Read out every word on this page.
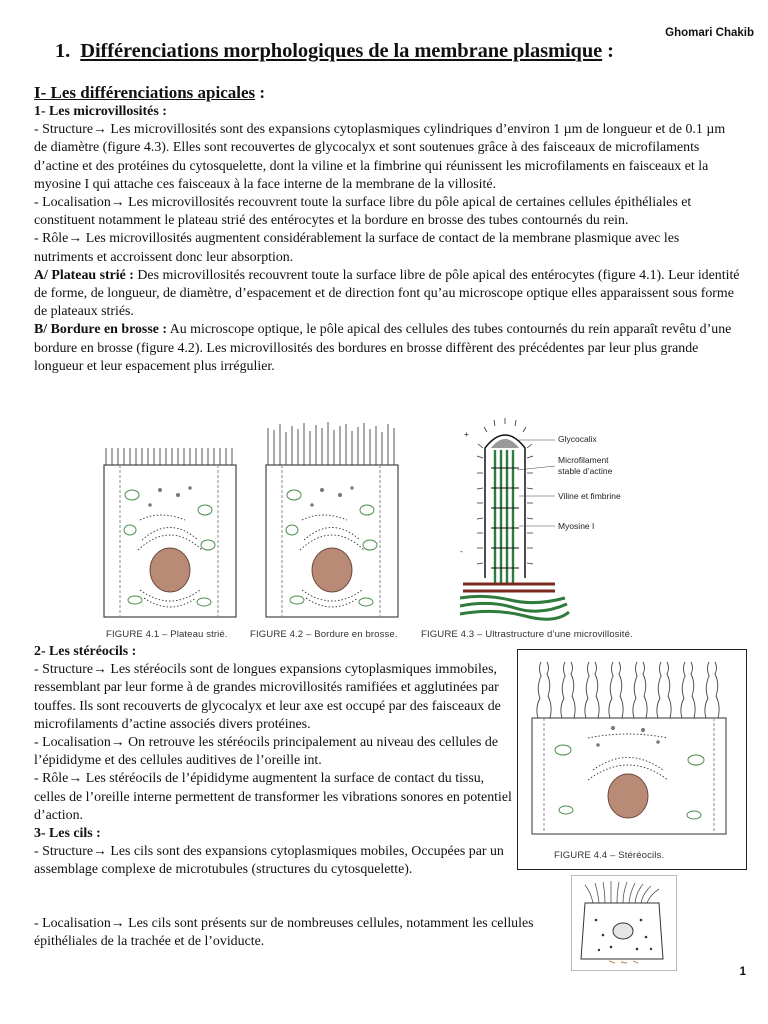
Ghomari Chakib
1. Différenciations morphologiques de la membrane plasmique :
I- Les différenciations apicales :

1- Les microvillosités :

- Structure→ Les microvillosités sont des expansions cytoplasmiques cylindriques d’environ 1 µm de longueur et de 0.1 µm de diamètre (figure 4.3). Elles sont recouvertes de glycocalyx et sont soutenues grâce à des faisceaux de microfilaments d’actine et des protéines du cytosquelette, dont la viline et la fimbrine qui réunissent les microfilaments en faisceaux et la myosine I qui attache ces faisceaux à la face interne de la membrane de la villosité.

- Localisation→ Les microvillosités recouvrent toute la surface libre du pôle apical de certaines cellules épithéliales et constituent notamment le plateau strié des entérocytes et la bordure en brosse des tubes contournés du rein.

- Rôle→ Les microvillosités augmentent considérablement la surface de contact de la membrane plasmique avec les nutriments et accroissent donc leur absorption.

A/ Plateau strié : Des microvillosités recouvrent toute la surface libre de pôle apical des entérocytes (figure 4.1). Leur identité de forme, de longueur, de diamètre, d’espacement et de direction font qu’au microscope optique elles apparaissent sous forme de plateaux striés.

B/ Bordure en brosse : Au microscope optique, le pôle apical des cellules des tubes contournés du rein apparaît revêtu d’une bordure en brosse (figure 4.2). Les microvillosités des bordures en brosse diffèrent des précédentes par leur plus grande longueur et leur espacement plus irrégulier.

+
-
Glycocalix
Microfilament
stable d’actine
Viline et fimbrine
Myosine I
FIGURE 4.1 – Plateau strié. FIGURE 4.2 – Bordure en brosse. FIGURE 4.3 – Ultrastructure d’une microvillosité.

2- Les stéréocils :

- Structure→ Les stéréocils sont de longues expansions cytoplasmiques immobiles, ressemblant par leur forme à de grandes microvillosités ramifiées et agglutinées par touffes. Ils sont recouverts de glycocalyx et leur axe est occupé par des faisceaux de microfilaments d’actine associés divers protéines.

- Localisation→ On retrouve les stéréocils principalement au niveau des cellules de l’épididyme et des cellules auditives de l’oreille int.

- Rôle→ Les stéréocils de l’épididyme augmentent la surface de contact du tissu, celles de l’oreille interne permettent de transformer les vibrations sonores en potentiel d’action.

3- Les cils :

- Structure→ Les cils sont des expansions cytoplasmiques mobiles, Occupées par un assemblage complexe de microtubules (structures du cytosquelette).

FIGURE 4.4 – Stéréocils.

- Localisation→ Les cils sont présents sur de nombreuses cellules, notamment les cellules épithéliales de la trachée et de l’oviducte.

1
